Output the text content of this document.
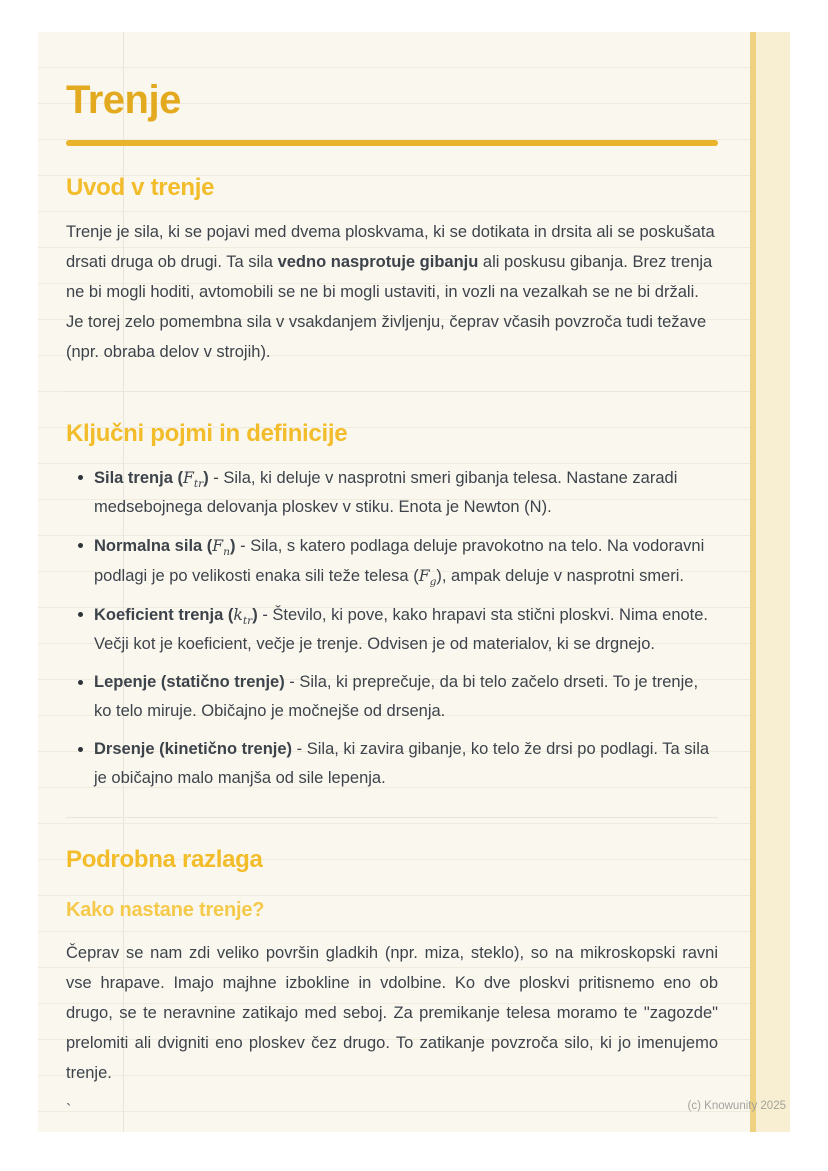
Trenje
Uvod v trenje

Trenje je sila, ki se pojavi med dvema ploskvama, ki se dotikata in drsita ali se poskušata drsati druga ob drugi. Ta sila vedno nasprotuje gibanju ali poskusu gibanja. Brez trenja ne bi mogli hoditi, avtomobili se ne bi mogli ustaviti, in vozli na vezalkah se ne bi držali. Je torej zelo pomembna sila v vsakdanjem življenju, čeprav včasih povzroča tudi težave (npr. obraba delov v strojih).

Ključni pojmi in definicije
Sila trenja $(F_{tr})$ - Sila, ki deluje v nasprotni smeri gibanja telesa. Nastane zaradi medsebojnega delovanja ploskev v stiku. Enota je Newton (N).
Normalna sila $(F_n)$ - Sila, s katero podlaga deluje pravokotno na telo. Na vodoravni podlagi je po velikosti enaka sili teže telesa $(F_g)$, ampak deluje v nasprotni smeri.
Koeficient trenja $(k_{tr})$ - Število, ki pove, kako hrapavi sta stični ploskvi. Nima enote. Večji kot je koeficient, večje je trenje. Odvisen je od materialov, ki se drgnejo.
Lepenje (statično trenje) - Sila, ki preprečuje, da bi telo začelo drseti. To je trenje, ko telo miruje. Običajno je močnejše od drsenja.
Drsenje (kinetično trenje) - Sila, ki zavira gibanje, ko telo že drsi po podlagi. Ta sila je običajno malo manjša od sile lepenja.
Podrobna razlaga
Kako nastane trenje?

Čeprav se nam zdi veliko površin gladkih (npr. miza, steklo), so na mikroskopski ravni vse hrapave. Imajo majhne izbokline in vdolbine. Ko dve ploskvi pritisnemo eno ob drugo, se te neravnine zatikajo med seboj. Za premikanje telesa moramo te "zagozde" prelomiti ali dvigniti eno ploskev čez drugo. To zatikanje povzroča silo, ki jo imenujemo trenje.

`	(c) Knowunity 2025
